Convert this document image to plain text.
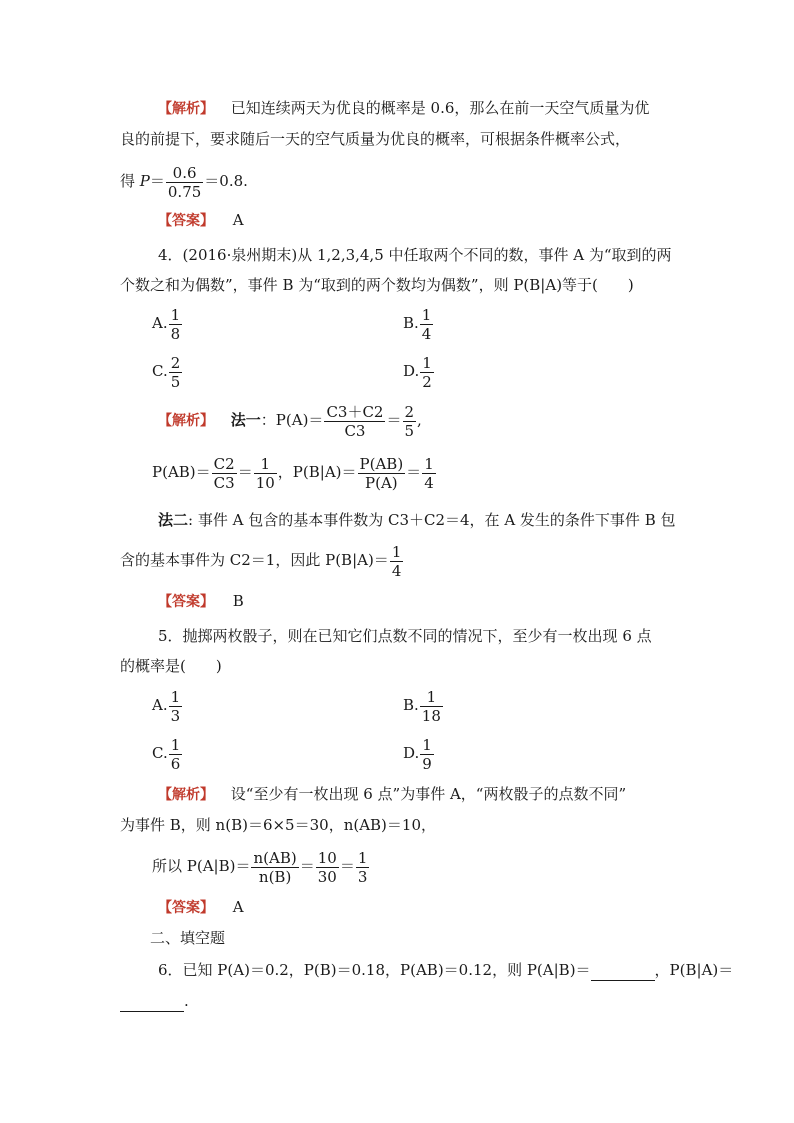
【解析】 已知连续两天为优良的概率是 0.6，那么在前一天空气质量为优
良的前提下，要求随后一天的空气质量为优良的概率，可根据条件概率公式，
得 $P= \frac{0.6}{0.75} =0.8$.
【答案】 A
4．(2016·泉州期末)从 1,2,3,4,5 中任取两个不同的数，事件 A 为“取到的两
个数之和为偶数”，事件 B 为“取到的两个数均为偶数”，则 P(B|A)等于(　　)
A. $\frac{1}{8}$	B. $\frac{1}{4}$
C. $\frac{2}{5}$	D. $\frac{1}{2}$
【解析】 法一：$P(A)= \frac{C3+C2}{C3} = \frac{2}{5}$ ,
$P(AB)= \frac{C2}{C3} = \frac{1}{10}$ ，$P(B|A)= \frac{P(AB)}{P(A)} = \frac{1}{4}$
法二: 事件 A 包含的基本事件数为 C3＋C2＝4，在 A 发生的条件下事件 B 包
含的基本事件为 C2＝1，因此 $P(B|A)= \frac{1}{4}$
【答案】 B
5．抛掷两枚骰子，则在已知它们点数不同的情况下，至少有一枚出现 6 点
的概率是(　　)
A. $\frac{1}{3}$	B. $\frac{1}{18}$
C. $\frac{1}{6}$	D. $\frac{1}{9}$
【解析】 设“至少有一枚出现 6 点”为事件 A，“两枚骰子的点数不同”
为事件 B，则 n(B)＝6×5＝30，n(AB)＝10，
所以 $P(A|B)= \frac{n(AB)}{n(B)} = \frac{10}{30} = \frac{1}{3}$
【答案】 A
二、填空题
6．已知 P(A)＝0.2，P(B)＝0.18，P(AB)＝0.12，则 P(A|B)＝	，P(B|A)＝
.
